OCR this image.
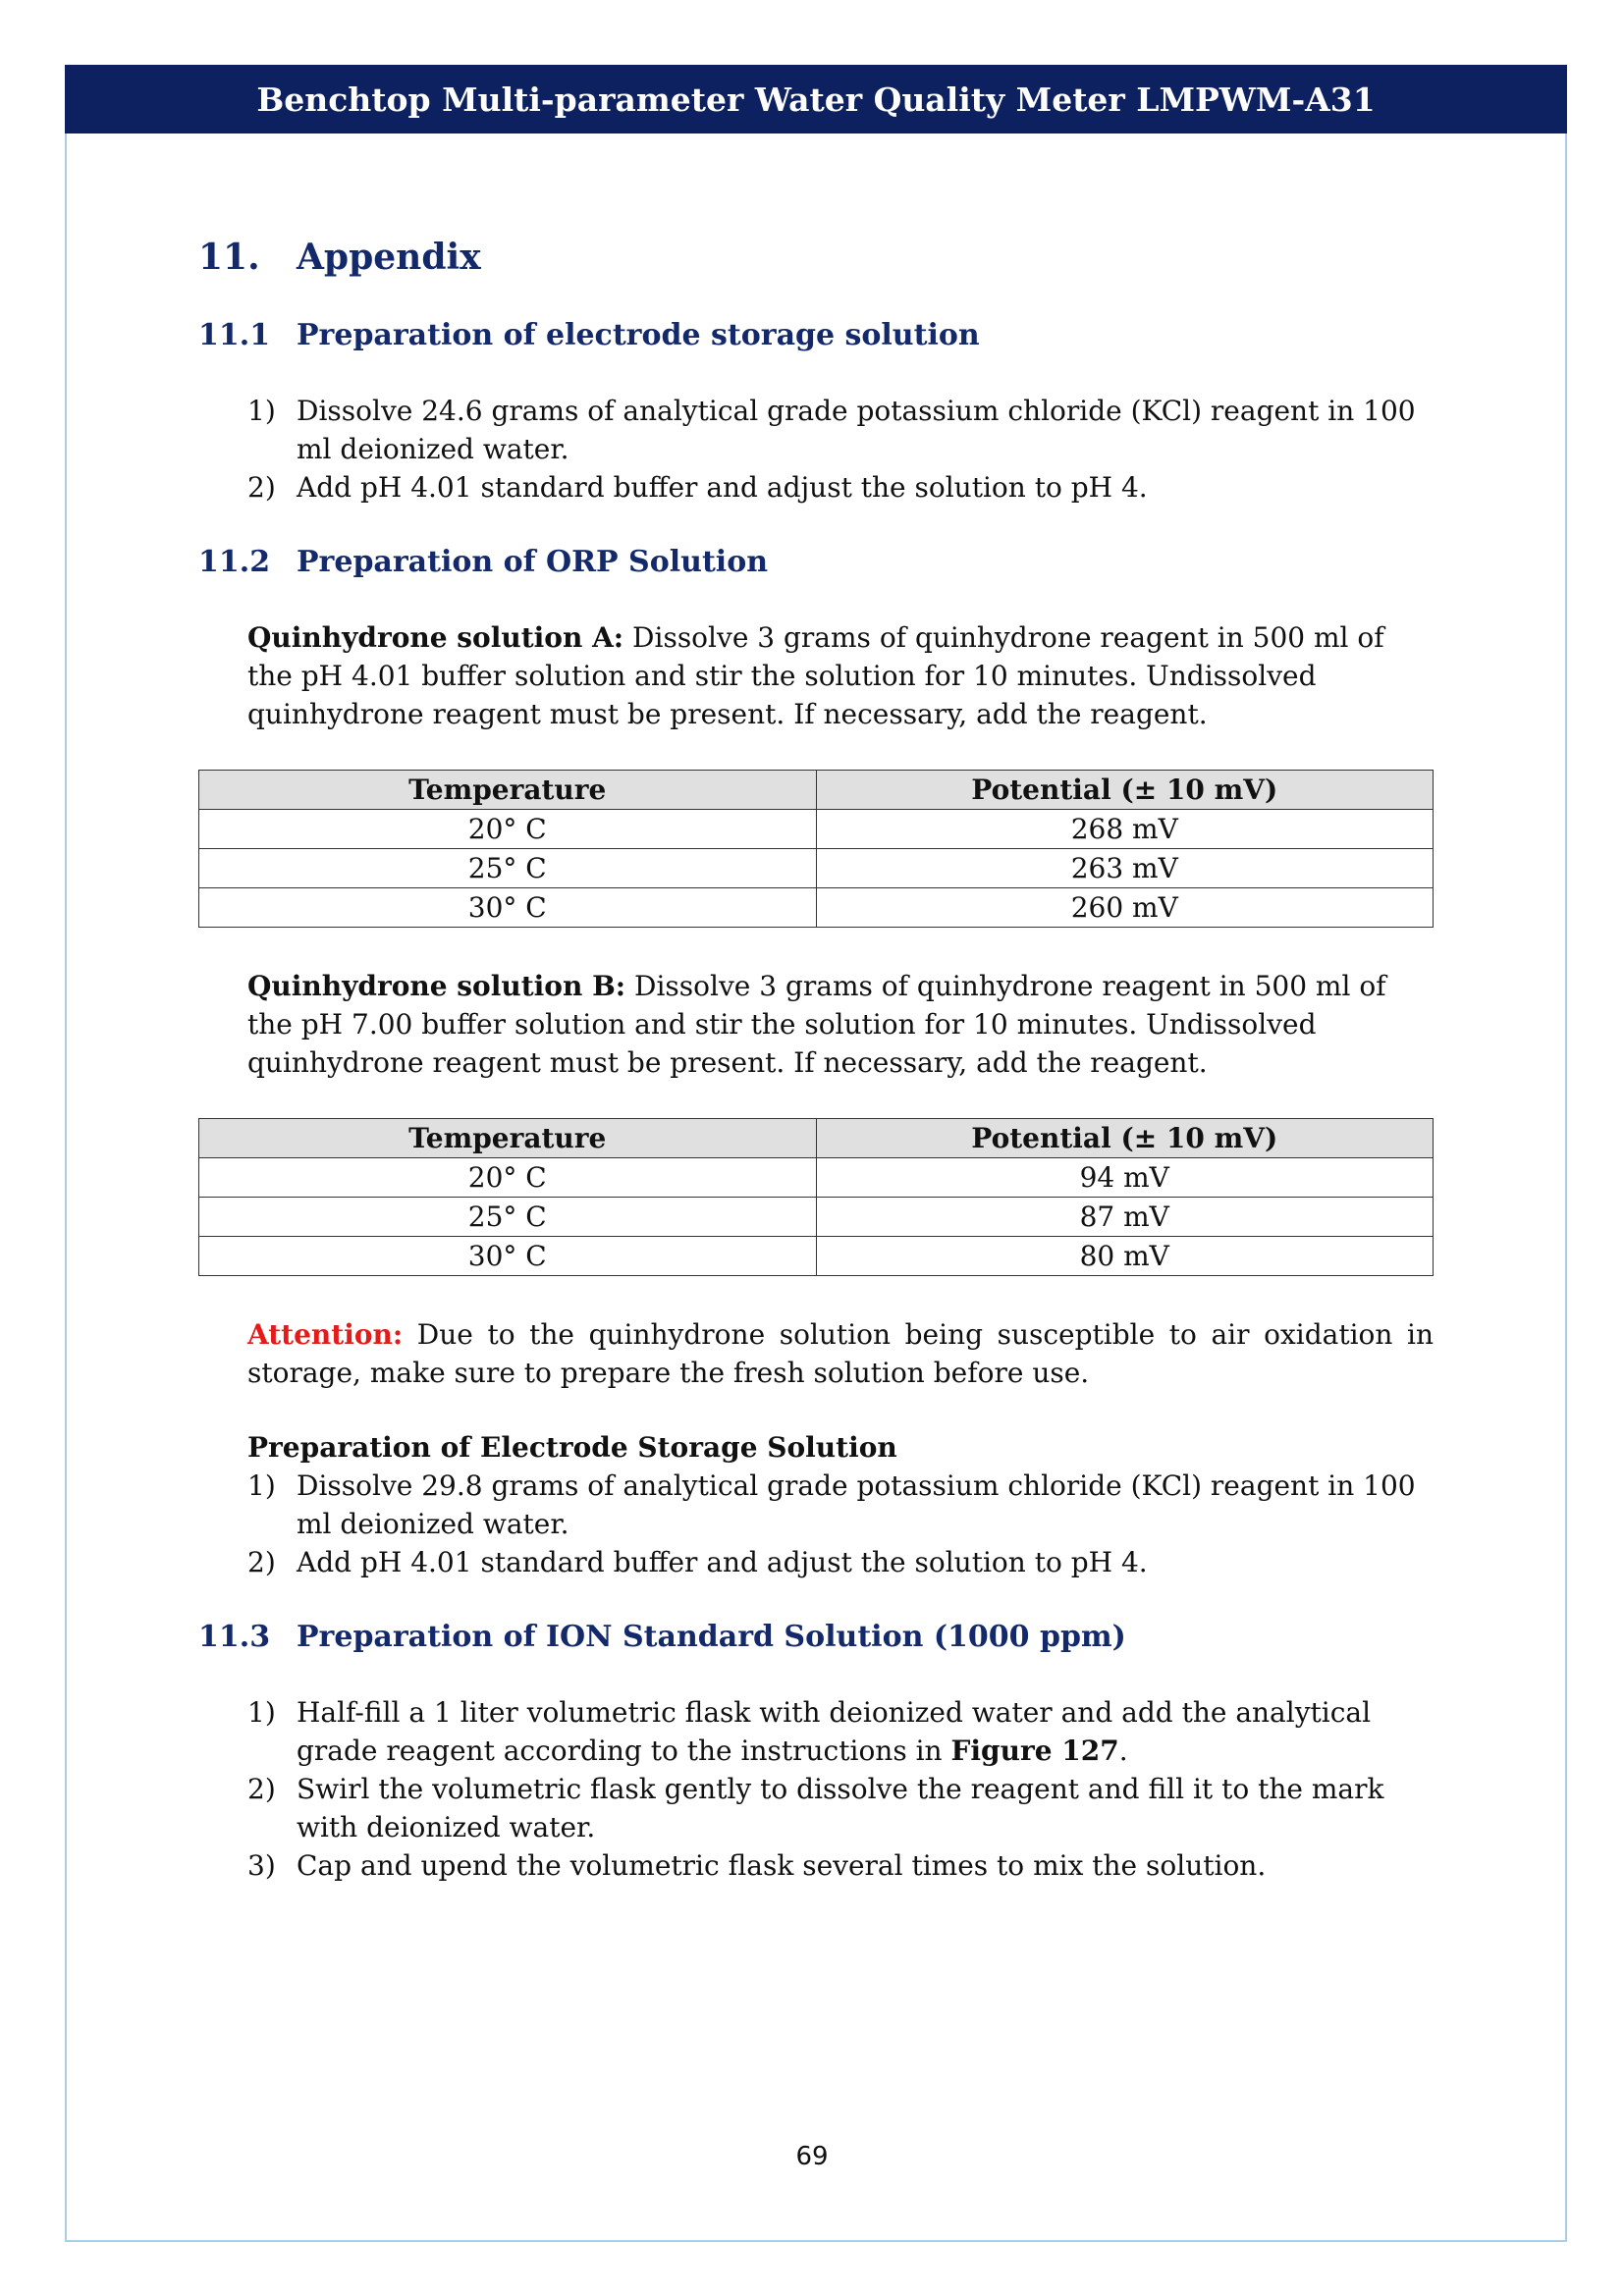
Benchtop Multi-parameter Water Quality Meter LMPWM-A31
11.	Appendix
11.1 Preparation of electrode storage solution
1) Dissolve 24.6 grams of analytical grade potassium chloride (KCl) reagent in 100 ml deionized water.
2) Add pH 4.01 standard buffer and adjust the solution to pH 4.
11.2 Preparation of ORP Solution
Quinhydrone solution A: Dissolve 3 grams of quinhydrone reagent in 500 ml of the pH 4.01 buffer solution and stir the solution for 10 minutes. Undissolved quinhydrone reagent must be present. If necessary, add the reagent.
Temperature	Potential (± 10 mV)
20° C	268 mV
25° C	263 mV
30° C	260 mV
Quinhydrone solution B: Dissolve 3 grams of quinhydrone reagent in 500 ml of the pH 7.00 buffer solution and stir the solution for 10 minutes. Undissolved quinhydrone reagent must be present. If necessary, add the reagent.
Temperature	Potential (± 10 mV)
20° C	94 mV
25° C	87 mV
30° C	80 mV
Attention: Due to the quinhydrone solution being susceptible to air oxidation in storage, make sure to prepare the fresh solution before use.
Preparation of Electrode Storage Solution
1) Dissolve 29.8 grams of analytical grade potassium chloride (KCl) reagent in 100 ml deionized water.
2) Add pH 4.01 standard buffer and adjust the solution to pH 4.
11.3 Preparation of ION Standard Solution (1000 ppm)
1) Half-fill a 1 liter volumetric flask with deionized water and add the analytical grade reagent according to the instructions in Figure 127.
2) Swirl the volumetric flask gently to dissolve the reagent and fill it to the mark with deionized water.
3) Cap and upend the volumetric flask several times to mix the solution.
69
